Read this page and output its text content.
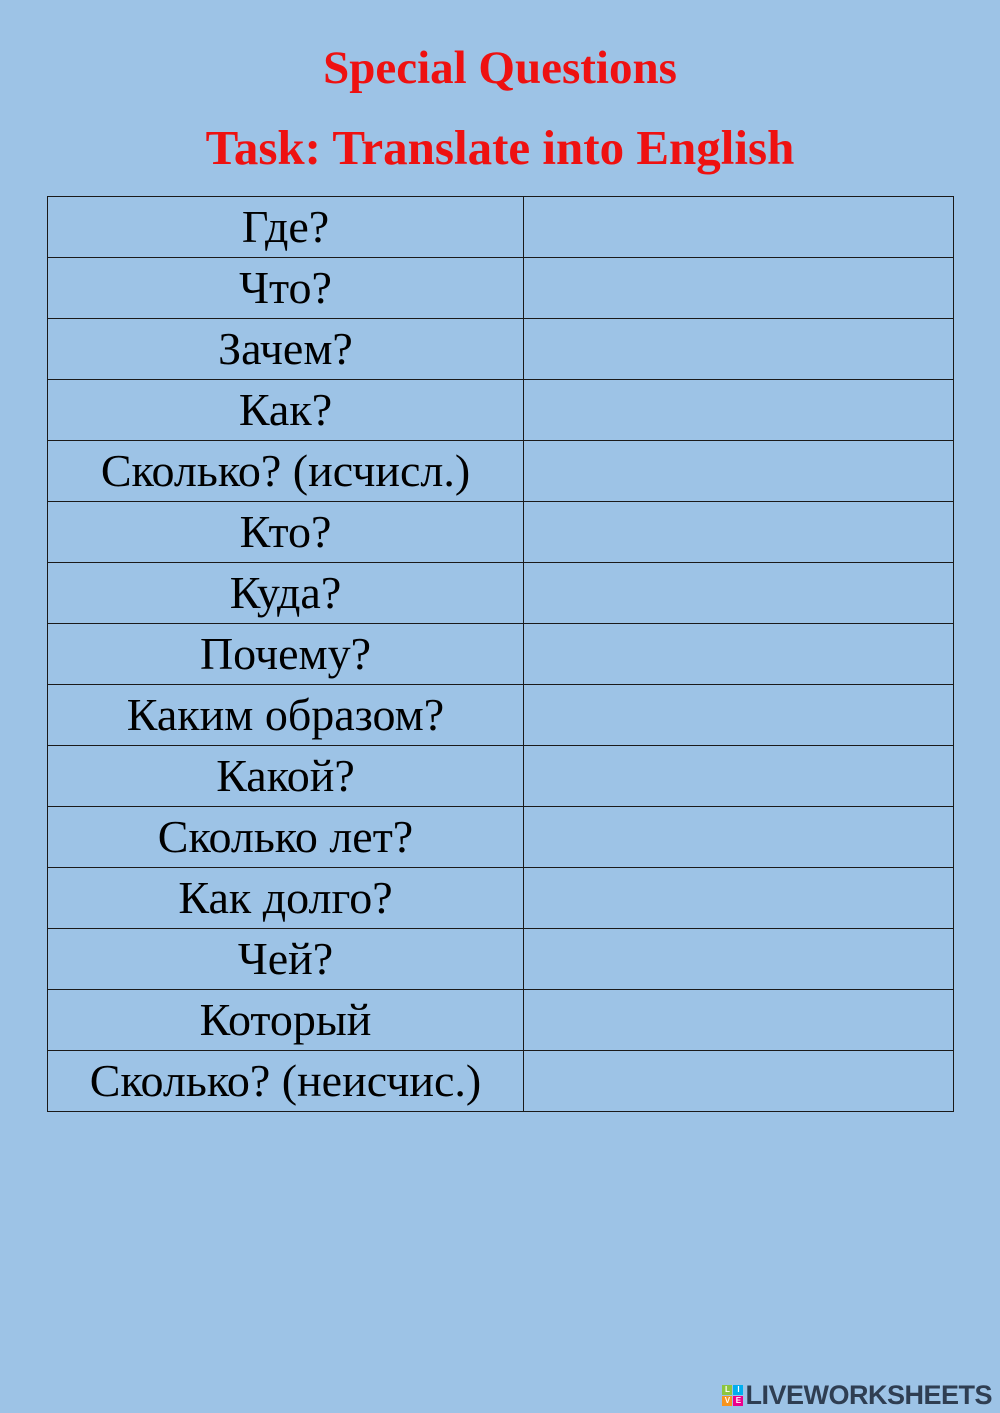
Special Questions
Task: Translate into English
Где?	
Что?	
Зачем?	
Как?	
Сколько? (исчисл.)	
Кто?	
Куда?	
Почему?	
Каким образом?	
Какой?	
Сколько лет?	
Как долго?	
Чей?	
Который	
Сколько? (неисчис.)	
L I
V E LIVEWORKSHEETS
